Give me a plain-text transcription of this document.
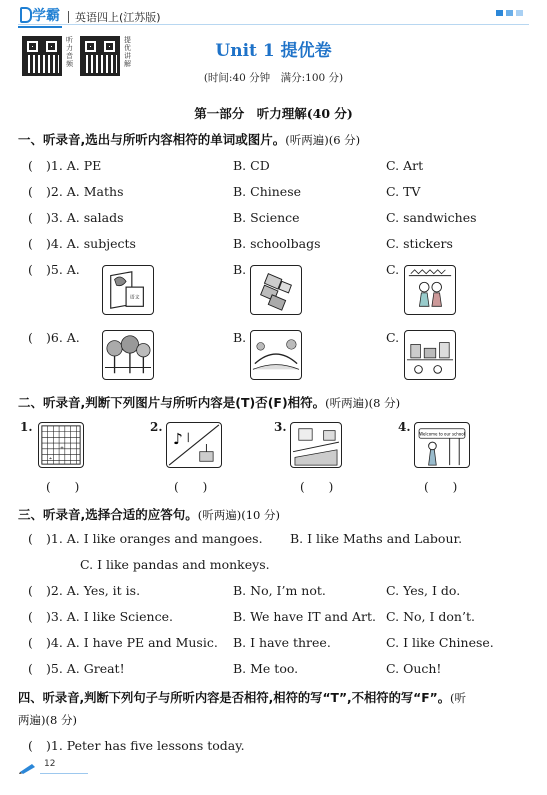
学霸 英语四上(江苏版)
听力音频
提优讲解
Unit 1 提优卷
(时间:40 分钟　满分:100 分)
第一部分　听力理解(40 分)
一、听录音,选出与所听内容相符的单词或图片。(听两遍)(6 分)
( )1. A. PE	B. CD	C. Art
( )2. A. Maths	B. Chinese	C. TV
( )3. A. salads	B. Science	C. sandwiches
( )4. A. subjects	B. schoolbags	C. stickers
( )5. A.	B.	C.
语文
( )6. A.	B.	C.
二、听录音,判断下列图片与所听内容是(T)否(F)相符。(听两遍)(8 分)
1.
+
÷
(　　)
2.
♪
(　　)
3.
(　　)
4. Welcome to our school
(　　)
三、听录音,选择合适的应答句。(听两遍)(10 分)
( )1. A. I like oranges and mangoes. B. I like Maths and Labour.
C. I like pandas and monkeys.
( )2. A. Yes, it is.	B. No, I’m not.	C. Yes, I do.
( )3. A. I like Science.	B. We have IT and Art. C. No, I don’t.
( )4. A. I have PE and Music. B. I have three.	C. I like Chinese.
( )5. A. Great!	B. Me too.	C. Ouch!
四、听录音,判断下列句子与所听内容是否相符,相符的写“T”,不相符的写“F”。(听
两遍)(8 分)
( )1. Peter has five lessons today.
12
